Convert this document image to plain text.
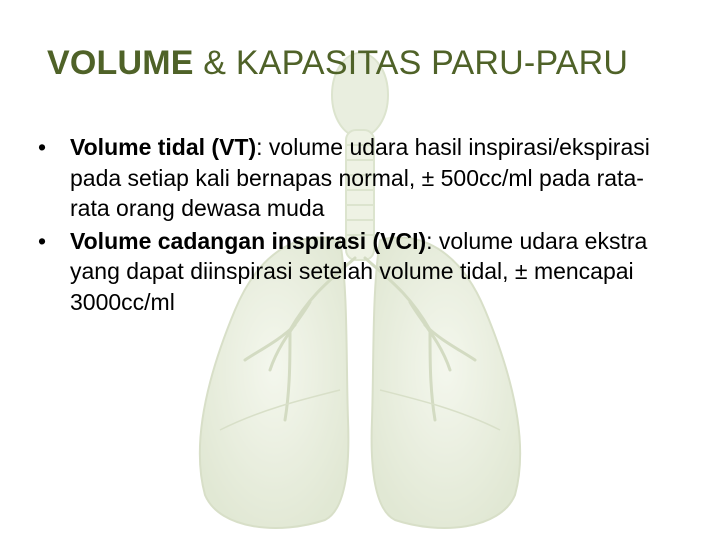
VOLUME & KAPASITAS PARU-PARU
•	Volume tidal (VT): volume udara hasil inspirasi/ekspirasi pada setiap kali bernapas normal, ± 500cc/ml pada rata-rata orang dewasa muda
•	Volume cadangan inspirasi (VCI): volume udara ekstra yang dapat diinspirasi setelah volume tidal, ± mencapai 3000cc/ml
